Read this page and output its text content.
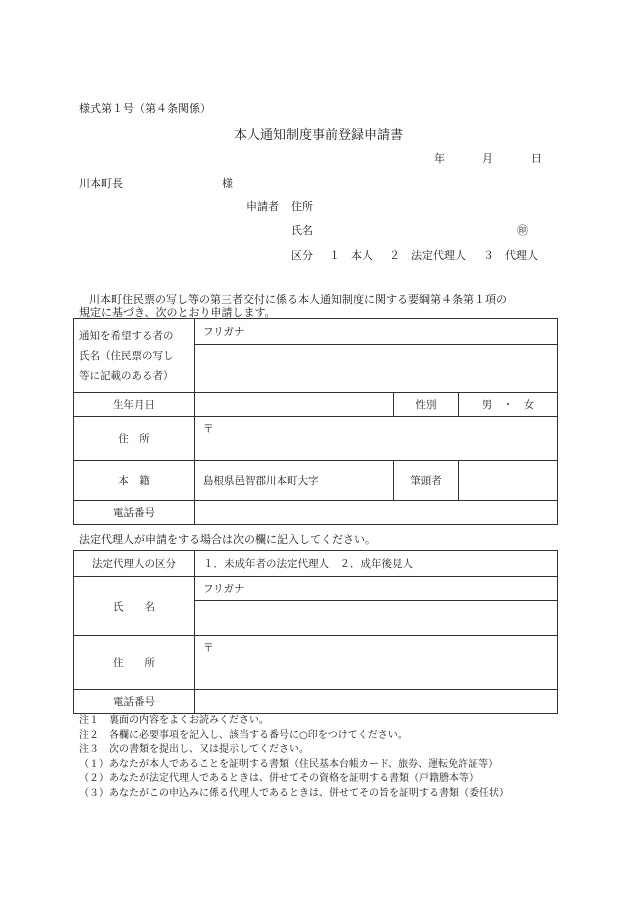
様式第１号（第４条関係）
本人通知制度事前登録申請書
年	月	日
川本町長	様
申請者 住所
氏名	㊞
区分 １　本人 ２　法定代理人 ３　代理人
川本町住民票の写し等の第三者交付に係る本人通知制度に関する要綱第４条第１項の
規定に基づき、次のとおり申請します。
通知を希望する者の
氏名（住民票の写し
等に記載のある者）	フリガナ		

生年月日		性別	男　・　女
住　所	〒		
本　籍	島根県邑智郡川本町大字	筆頭者	
電話番号			
法定代理人が申請をする場合は次の欄に記入してください。
法定代理人の区分	１．未成年者の法定代理人　２．成年後見人
氏　　名	フリガナ

住　　所	〒
電話番号	
注１　裏面の内容をよくお読みください。
注２　各欄に必要事項を記入し、該当する番号に○印をつけてください。
注３　次の書類を提出し、又は提示してください。
（１）あなたが本人であることを証明する書類（住民基本台帳カード、旅券、運転免許証等）
（２）あなたが法定代理人であるときは、併せてその資格を証明する書類（戸籍謄本等）
（３）あなたがこの申込みに係る代理人であるときは、併せてその旨を証明する書類（委任状）
